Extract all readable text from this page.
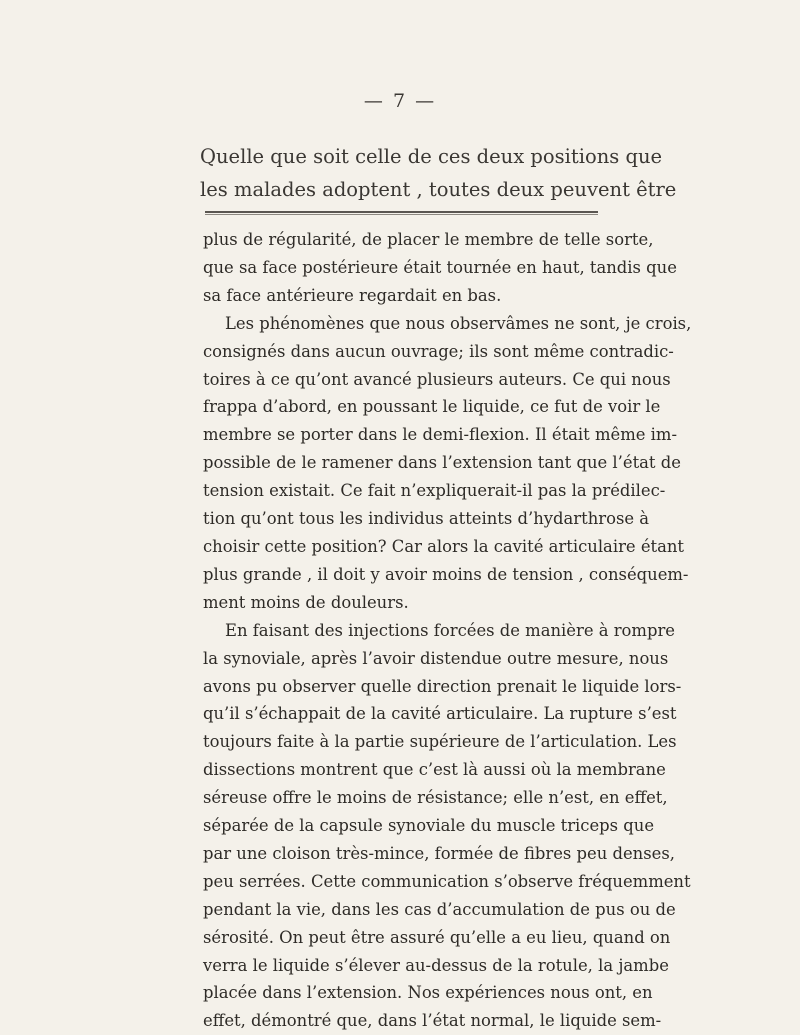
— 7 —
Quelle que soit celle de ces deux positions que
les malades adoptent , toutes deux peuvent être
plus de régularité, de placer le membre de telle sorte,
que sa face postérieure était tournée en haut, tandis que
sa face antérieure regardait en bas.
Les phénomènes que nous observâmes ne sont, je crois,
consignés dans aucun ouvrage; ils sont même contradic-
toires à ce qu’ont avancé plusieurs auteurs. Ce qui nous
frappa d’abord, en poussant le liquide, ce fut de voir le
membre se porter dans le demi-flexion. Il était même im-
possible de le ramener dans l’extension tant que l’état de
tension existait. Ce fait n’expliquerait-il pas la prédilec-
tion qu’ont tous les individus atteints d’hydarthrose à
choisir cette position? Car alors la cavité articulaire étant
plus grande , il doit y avoir moins de tension , conséquem-
ment moins de douleurs.
En faisant des injections forcées de manière à rompre
la synoviale, après l’avoir distendue outre mesure, nous
avons pu observer quelle direction prenait le liquide lors-
qu’il s’échappait de la cavité articulaire. La rupture s’est
toujours faite à la partie supérieure de l’articulation. Les
dissections montrent que c’est là aussi où la membrane
séreuse offre le moins de résistance; elle n’est, en effet,
séparée de la capsule synoviale du muscle triceps que
par une cloison très-mince, formée de fibres peu denses,
peu serrées. Cette communication s’observe fréquemment
pendant la vie, dans les cas d’accumulation de pus ou de
sérosité. On peut être assuré qu’elle a eu lieu, quand on
verra le liquide s’élever au-dessus de la rotule, la jambe
placée dans l’extension. Nos expériences nous ont, en
effet, démontré que, dans l’état normal, le liquide sem-
